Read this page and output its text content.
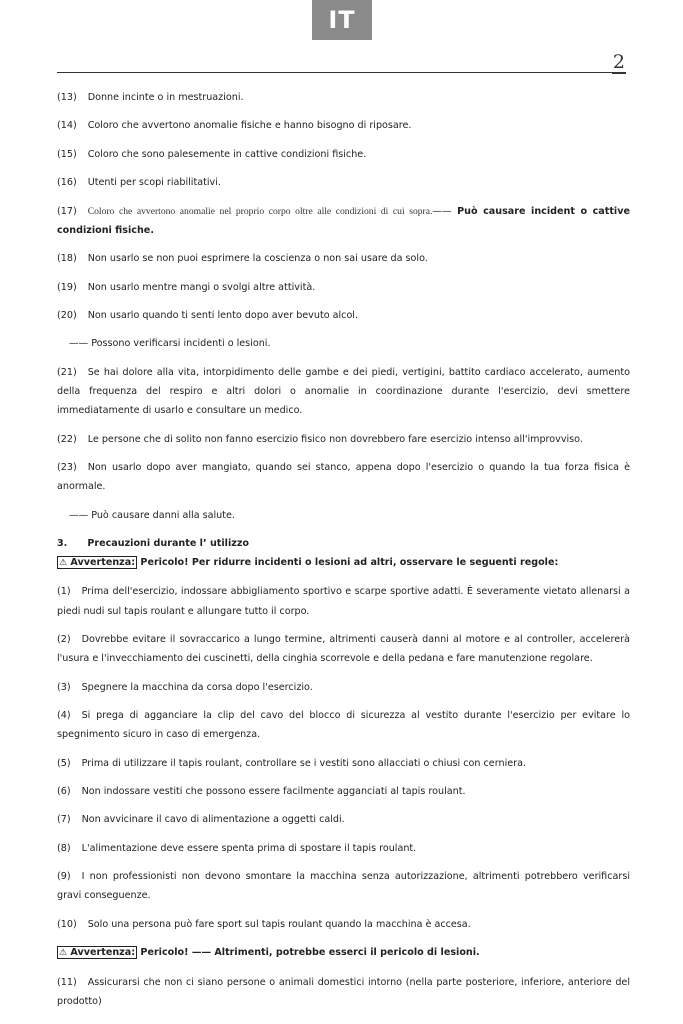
IT
2

(13) Donne incinte o in mestruazioni.

(14) Coloro che avvertono anomalie fisiche e hanno bisogno di riposare.

(15) Coloro che sono palesemente in cattive condizioni fisiche.

(16) Utenti per scopi riabilitativi.

(17) Coloro che avvertono anomalie nel proprio corpo oltre alle condizioni di cui sopra.—— Può causare incident o cattive condizioni fisiche.

(18) Non usarlo se non puoi esprimere la coscienza o non sai usare da solo.

(19) Non usarlo mentre mangi o svolgi altre attività.

(20) Non usarlo quando ti senti lento dopo aver bevuto alcol.

—— Possono verificarsi incidenti o lesioni.

(21) Se hai dolore alla vita, intorpidimento delle gambe e dei piedi, vertigini, battito cardiaco accelerato, aumento della frequenza del respiro e altri dolori o anomalie in coordinazione durante l'esercizio, devi smettere immediatamente di usarlo e consultare un medico.

(22) Le persone che di solito non fanno esercizio fisico non dovrebbero fare esercizio intenso all'improvviso.

(23) Non usarlo dopo aver mangiato, quando sei stanco, appena dopo l'esercizio o quando la tua forza fisica è anormale.

—— Può causare danni alla salute.

3. Precauzioni durante l’ utilizzo

⚠ Avvertenza: Pericolo! Per ridurre incidenti o lesioni ad altri, osservare le seguenti regole:

(1) Prima dell'esercizio, indossare abbigliamento sportivo e scarpe sportive adatti. È severamente vietato allenarsi a piedi nudi sul tapis roulant e allungare tutto il corpo.

(2) Dovrebbe evitare il sovraccarico a lungo termine, altrimenti causerà danni al motore e al controller, accelererà l'usura e l'invecchiamento dei cuscinetti, della cinghia scorrevole e della pedana e fare manutenzione regolare.

(3) Spegnere la macchina da corsa dopo l'esercizio.

(4) Si prega di agganciare la clip del cavo del blocco di sicurezza al vestito durante l'esercizio per evitare lo spegnimento sicuro in caso di emergenza.

(5) Prima di utilizzare il tapis roulant, controllare se i vestiti sono allacciati o chiusi con cerniera.

(6) Non indossare vestiti che possono essere facilmente agganciati al tapis roulant.

(7) Non avvicinare il cavo di alimentazione a oggetti caldi.

(8) L'alimentazione deve essere spenta prima di spostare il tapis roulant.

(9) I non professionisti non devono smontare la macchina senza autorizzazione, altrimenti potrebbero verificarsi gravi conseguenze.

(10) Solo una persona può fare sport sul tapis roulant quando la macchina è accesa.

⚠ Avvertenza: Pericolo! —— Altrimenti, potrebbe esserci il pericolo di lesioni.

(11) Assicurarsi che non ci siano persone o animali domestici intorno (nella parte posteriore, inferiore, anteriore del prodotto)
